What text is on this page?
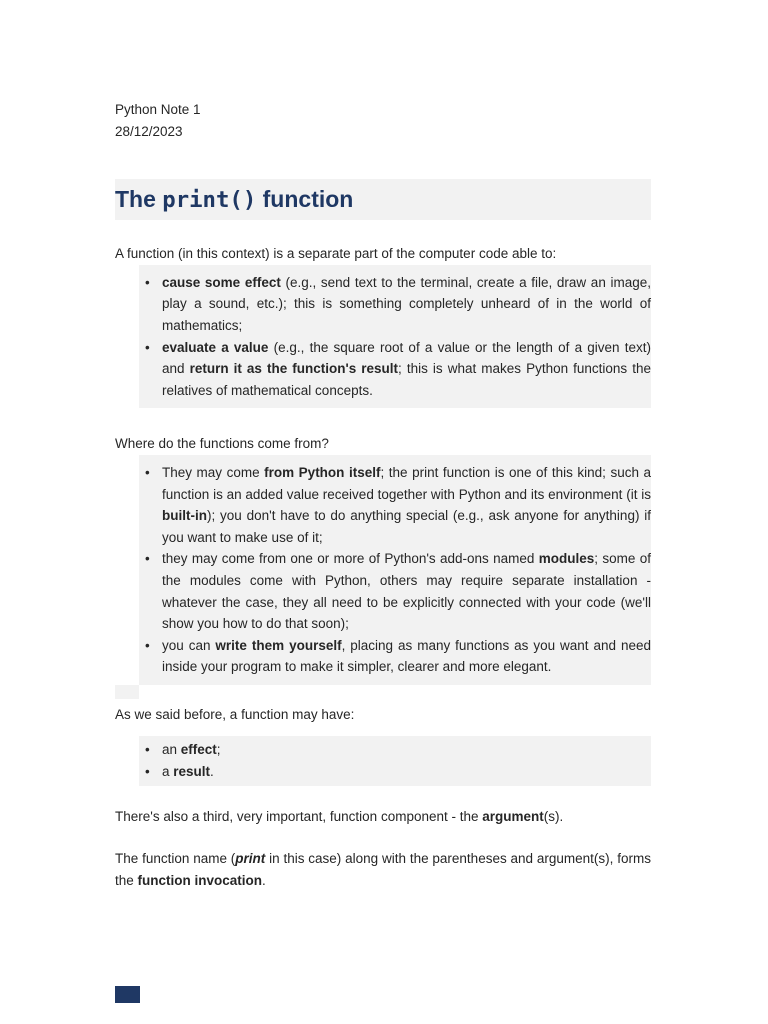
Python Note 1
28/12/2023
The print() function

A function (in this context) is a separate part of the computer code able to:

• cause some effect (e.g., send text to the terminal, create a file, draw an image, play a sound, etc.); this is something completely unheard of in the world of mathematics;
• evaluate a value (e.g., the square root of a value or the length of a given text) and return it as the function's result; this is what makes Python functions the relatives of mathematical concepts.

Where do the functions come from?

• They may come from Python itself; the print function is one of this kind; such a function is an added value received together with Python and its environment (it is built-in); you don't have to do anything special (e.g., ask anyone for anything) if you want to make use of it;
• they may come from one or more of Python's add-ons named modules; some of the modules come with Python, others may require separate installation - whatever the case, they all need to be explicitly connected with your code (we'll show you how to do that soon);
• you can write them yourself, placing as many functions as you want and need inside your program to make it simpler, clearer and more elegant.

As we said before, a function may have:

• an effect;
• a result.

There's also a third, very important, function component - the argument(s).

The function name (print in this case) along with the parentheses and argument(s), forms the function invocation.
